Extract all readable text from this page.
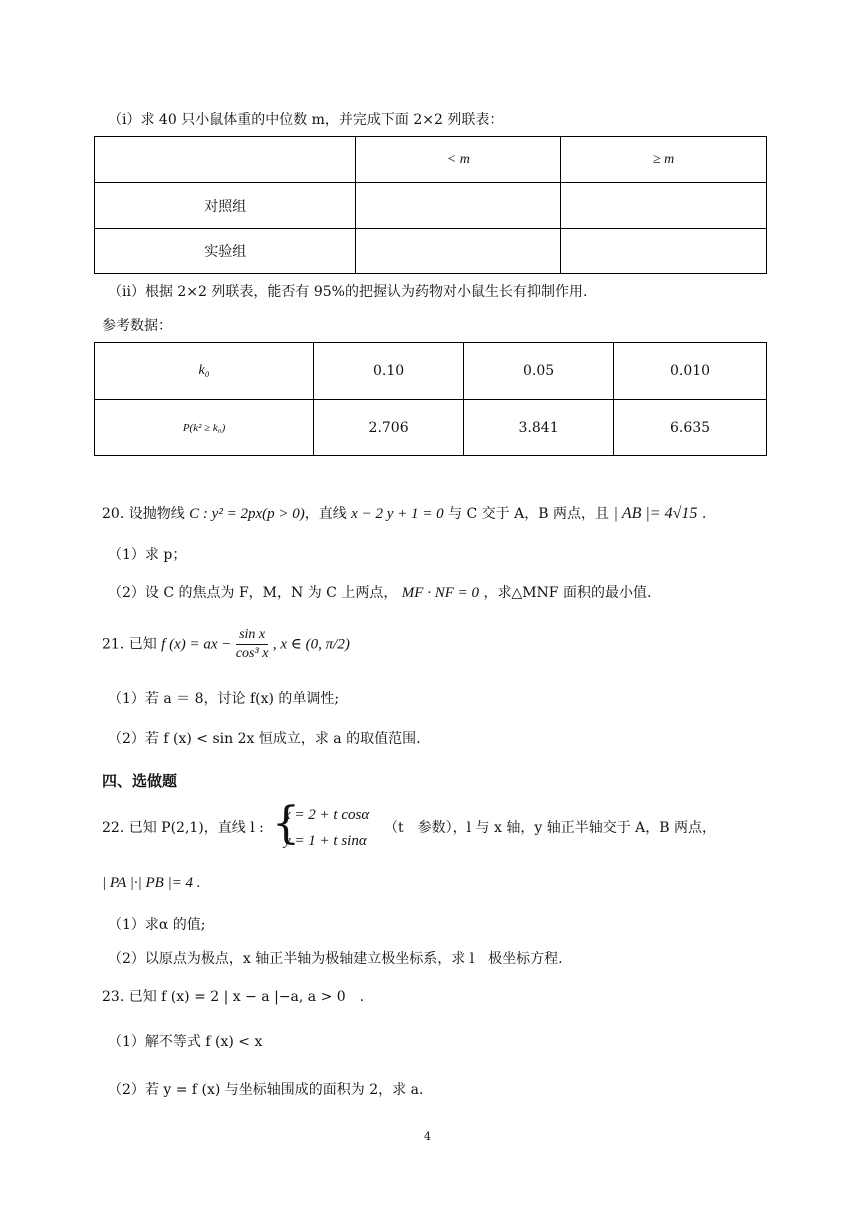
（i）求 40 只小鼠体重的中位数 m，并完成下面 2×2 列联表：
	< m	≥ m
对照组		
实验组		
（ii）根据 2×2 列联表，能否有 95%的把握认为药物对小鼠生长有抑制作用.
参考数据：
k₀	0.10	0.05	0.010
P(k² ≥ k₀)	2.706	3.841	6.635
20. 设抛物线 C : y² = 2px(p > 0)，直线 x − 2 y + 1 = 0 与 C 交于 A，B 两点，且 | AB |= 4√15 .
（1）求 p；
（2）设 C 的焦点为 F，M，N 为 C 上两点， MF · NF = 0 ，求△MNF 面积的最小值.
21. 已知 f (x) = ax − $\frac{\text{sin x}}{\text{cos³ x}}$ , x ∈ (0, π/2)
（1）若 a ＝ 8，讨论 f(x) 的单调性;
（2）若 f (x) < sin 2x 恒成立，求 a 的取值范围.
四、选做题
22. 已知 P(2,1)，直线 l : {
x = 2 + t cosα
y = 1 + t sinα
（t　参数），l 与 x 轴，y 轴正半轴交于 A，B 两点，
| PA |·| PB |= 4 .
（1）求α 的值;
（2）以原点为极点，x 轴正半轴为极轴建立极坐标系，求 l　极坐标方程.
23. 已知 f (x) = 2 | x − a |−a, a > 0　.
（1）解不等式 f (x) < x
（2）若 y = f (x) 与坐标轴围成的面积为 2，求 a.
4
